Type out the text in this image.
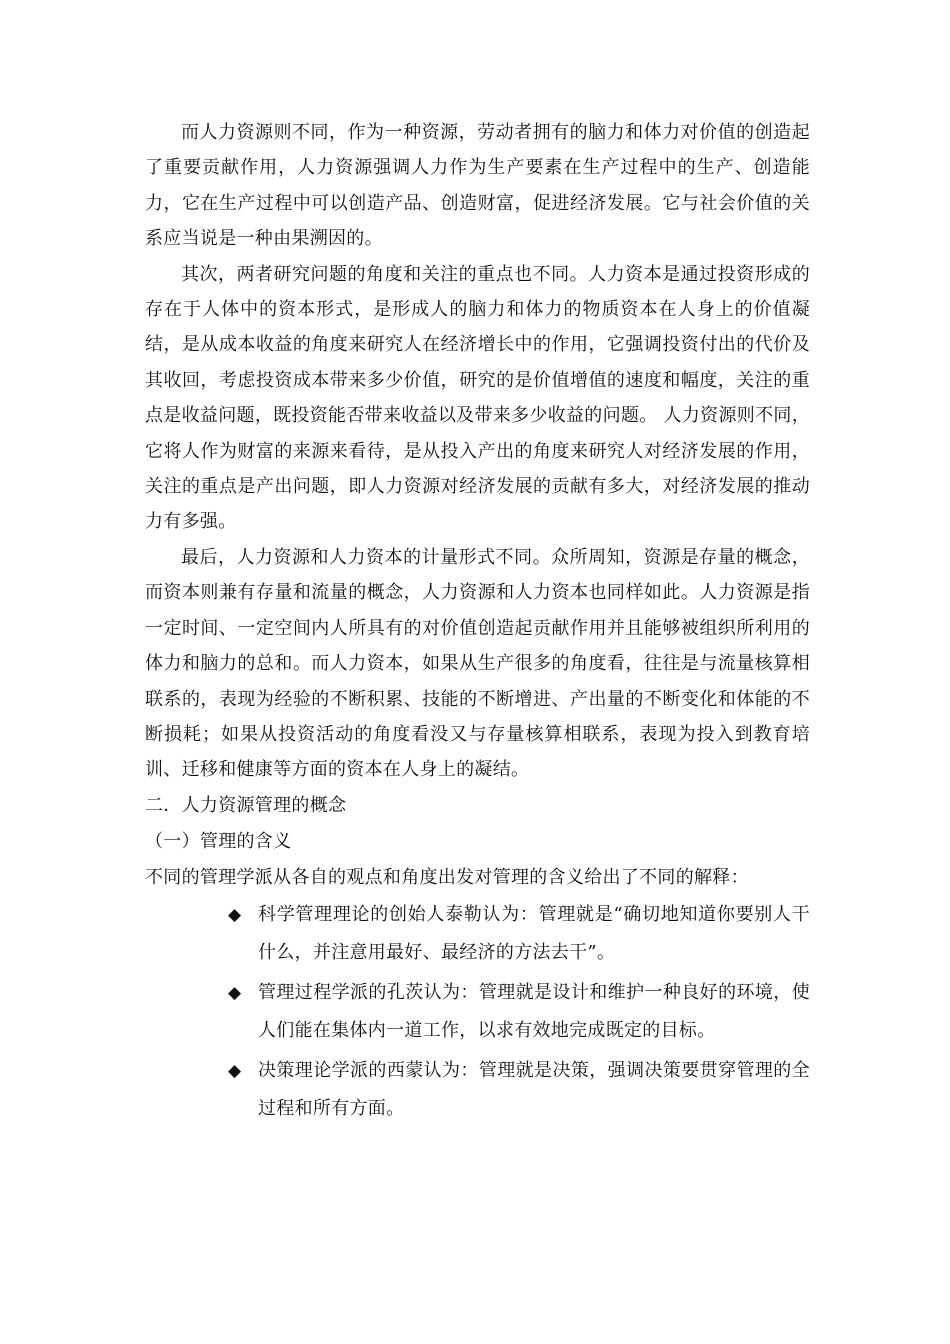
而人力资源则不同，作为一种资源，劳动者拥有的脑力和体力对价值的创造起了重要贡献作用，人力资源强调人力作为生产要素在生产过程中的生产、创造能力，它在生产过程中可以创造产品、创造财富，促进经济发展。它与社会价值的关系应当说是一种由果溯因的。

其次，两者研究问题的角度和关注的重点也不同。人力资本是通过投资形成的 存在于人体中的资本形式，是形成人的脑力和体力的物质资本在人身上的价值凝结，是从成本收益的角度来研究人在经济增长中的作用，它强调投资付出的代价及其收回，考虑投资成本带来多少价值，研究的是价值增值的速度和幅度，关注的重点是收益问题，既投资能否带来收益以及带来多少收益的问题。 人力资源则不同，它将人作为财富的来源来看待，是从投入产出的角度来研究人对经济发展的作用，关注的重点是产出问题，即人力资源对经济发展的贡献有多大，对经济发展的推动力有多强。

最后，人力资源和人力资本的计量形式不同。众所周知，资源是存量的概念，而资本则兼有存量和流量的概念，人力资源和人力资本也同样如此。人力资源是指一定时间、一定空间内人所具有的对价值创造起贡献作用并且能够被组织所利用的体力和脑力的总和。而人力资本，如果从生产很多的角度看，往往是与流量核算相联系的，表现为经验的不断积累、技能的不断增进、产出量的不断变化和体能的不断损耗；如果从投资活动的角度看没又与存量核算相联系，表现为投入到教育培训、迁移和健康等方面的资本在人身上的凝结。

二．人力资源管理的概念

（一）管理的含义

不同的管理学派从各自的观点和角度出发对管理的含义给出了不同的解释：

◆ 科学管理理论的创始人泰勒认为：管理就是“确切地知道你要别人干什么，并注意用最好、最经济的方法去干”。
◆ 管理过程学派的孔茨认为：管理就是设计和维护一种良好的环境，使人们能在集体内一道工作，以求有效地完成既定的目标。
◆ 决策理论学派的西蒙认为：管理就是决策，强调决策要贯穿管理的全过程和所有方面。
